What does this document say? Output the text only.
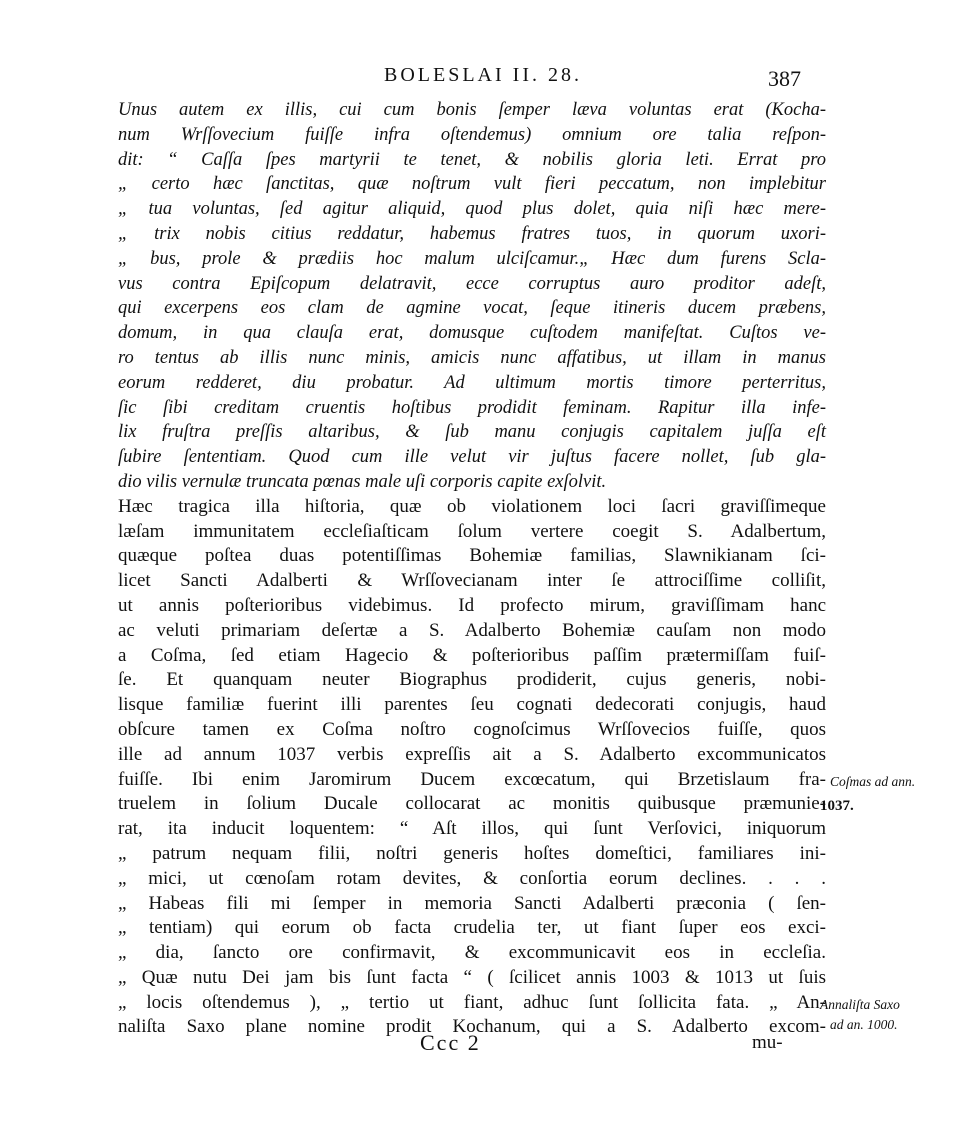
BOLESLAI II. 28.	387
Unus autem ex illis, cui cum bonis ſemper læva voluntas erat (Kocha-
num Wrſſovecium fuiſſe infra oſtendemus) omnium ore talia reſpon-
dit: “ Caſſa ſpes martyrii te tenet, & nobilis gloria leti. Errat pro
„ certo hæc ſanctitas, quæ noſtrum vult fieri peccatum, non implebitur
„ tua voluntas, ſed agitur aliquid, quod plus dolet, quia niſi hæc mere-
„ trix nobis citius reddatur, habemus fratres tuos, in quorum uxori-
„ bus, prole & prædiis hoc malum ulciſcamur.„ Hæc dum furens Scla-
vus contra Epiſcopum delatravit, ecce corruptus auro proditor adeſt,
qui excerpens eos clam de agmine vocat, ſeque itineris ducem præbens,
domum, in qua clauſa erat, domusque cuſtodem manifeſtat. Cuſtos ve-
ro tentus ab illis nunc minis, amicis nunc affatibus, ut illam in manus
eorum redderet, diu probatur. Ad ultimum mortis timore perterritus,
ſic ſibi creditam cruentis hoſtibus prodidit feminam. Rapitur illa infe-
lix fruſtra preſſis altaribus, & ſub manu conjugis capitalem juſſa eſt
ſubire ſententiam. Quod cum ille velut vir juſtus facere nollet, ſub gla-
dio vilis vernulæ truncata pœnas male uſi corporis capite exſolvit.
Hæc tragica illa hiſtoria, quæ ob violationem loci ſacri graviſſimeque
læſam immunitatem eccleſiaſticam ſolum vertere coegit S. Adalbertum,
quæque poſtea duas potentiſſimas Bohemiæ familias, Slawnikianam ſci-
licet Sancti Adalberti & Wrſſovecianam inter ſe attrociſſime colliſit,
ut annis poſterioribus videbimus. Id profecto mirum, graviſſimam hanc
ac veluti primariam deſertæ a S. Adalberto Bohemiæ cauſam non modo
a Coſma, ſed etiam Hagecio & poſterioribus paſſim prætermiſſam fuiſ-
ſe. Et quanquam neuter Biographus prodiderit, cujus generis, nobi-
lisque familiæ fuerint illi parentes ſeu cognati dedecorati conjugis, haud
obſcure tamen ex Coſma noſtro cognoſcimus Wrſſovecios fuiſſe, quos
ille ad annum 1037 verbis expreſſis ait a S. Adalberto excommunicatos
fuiſſe. Ibi enim Jaromirum Ducem excœcatum, qui Brzetislaum fra-
truelem in ſolium Ducale collocarat ac monitis quibusque præmunie-
rat, ita inducit loquentem: “ Aſt illos, qui ſunt Verſovici, iniquorum
„ patrum nequam filii, noſtri generis hoſtes domeſtici, familiares ini-
„ mici, ut cœnoſam rotam devites, & conſortia eorum declines. . . .
„ Habeas fili mi ſemper in memoria Sancti Adalberti præconia ( ſen-
„ tentiam) qui eorum ob facta crudelia ter, ut fiant ſuper eos exci-
„ dia, ſancto ore confirmavit, & excommunicavit eos in eccleſia.
„ Quæ nutu Dei jam bis ſunt facta “ ( ſcilicet annis 1003 & 1013 ut ſuis
„ locis oſtendemus ), „ tertio ut fiant, adhuc ſunt ſollicita fata. „ An-
naliſta Saxo plane nomine prodit Kochanum, qui a S. Adalberto excom-
Coſmas ad ann.
1037.
Annaliſta Saxo
ad an. 1000.
Ccc 2	mu-
